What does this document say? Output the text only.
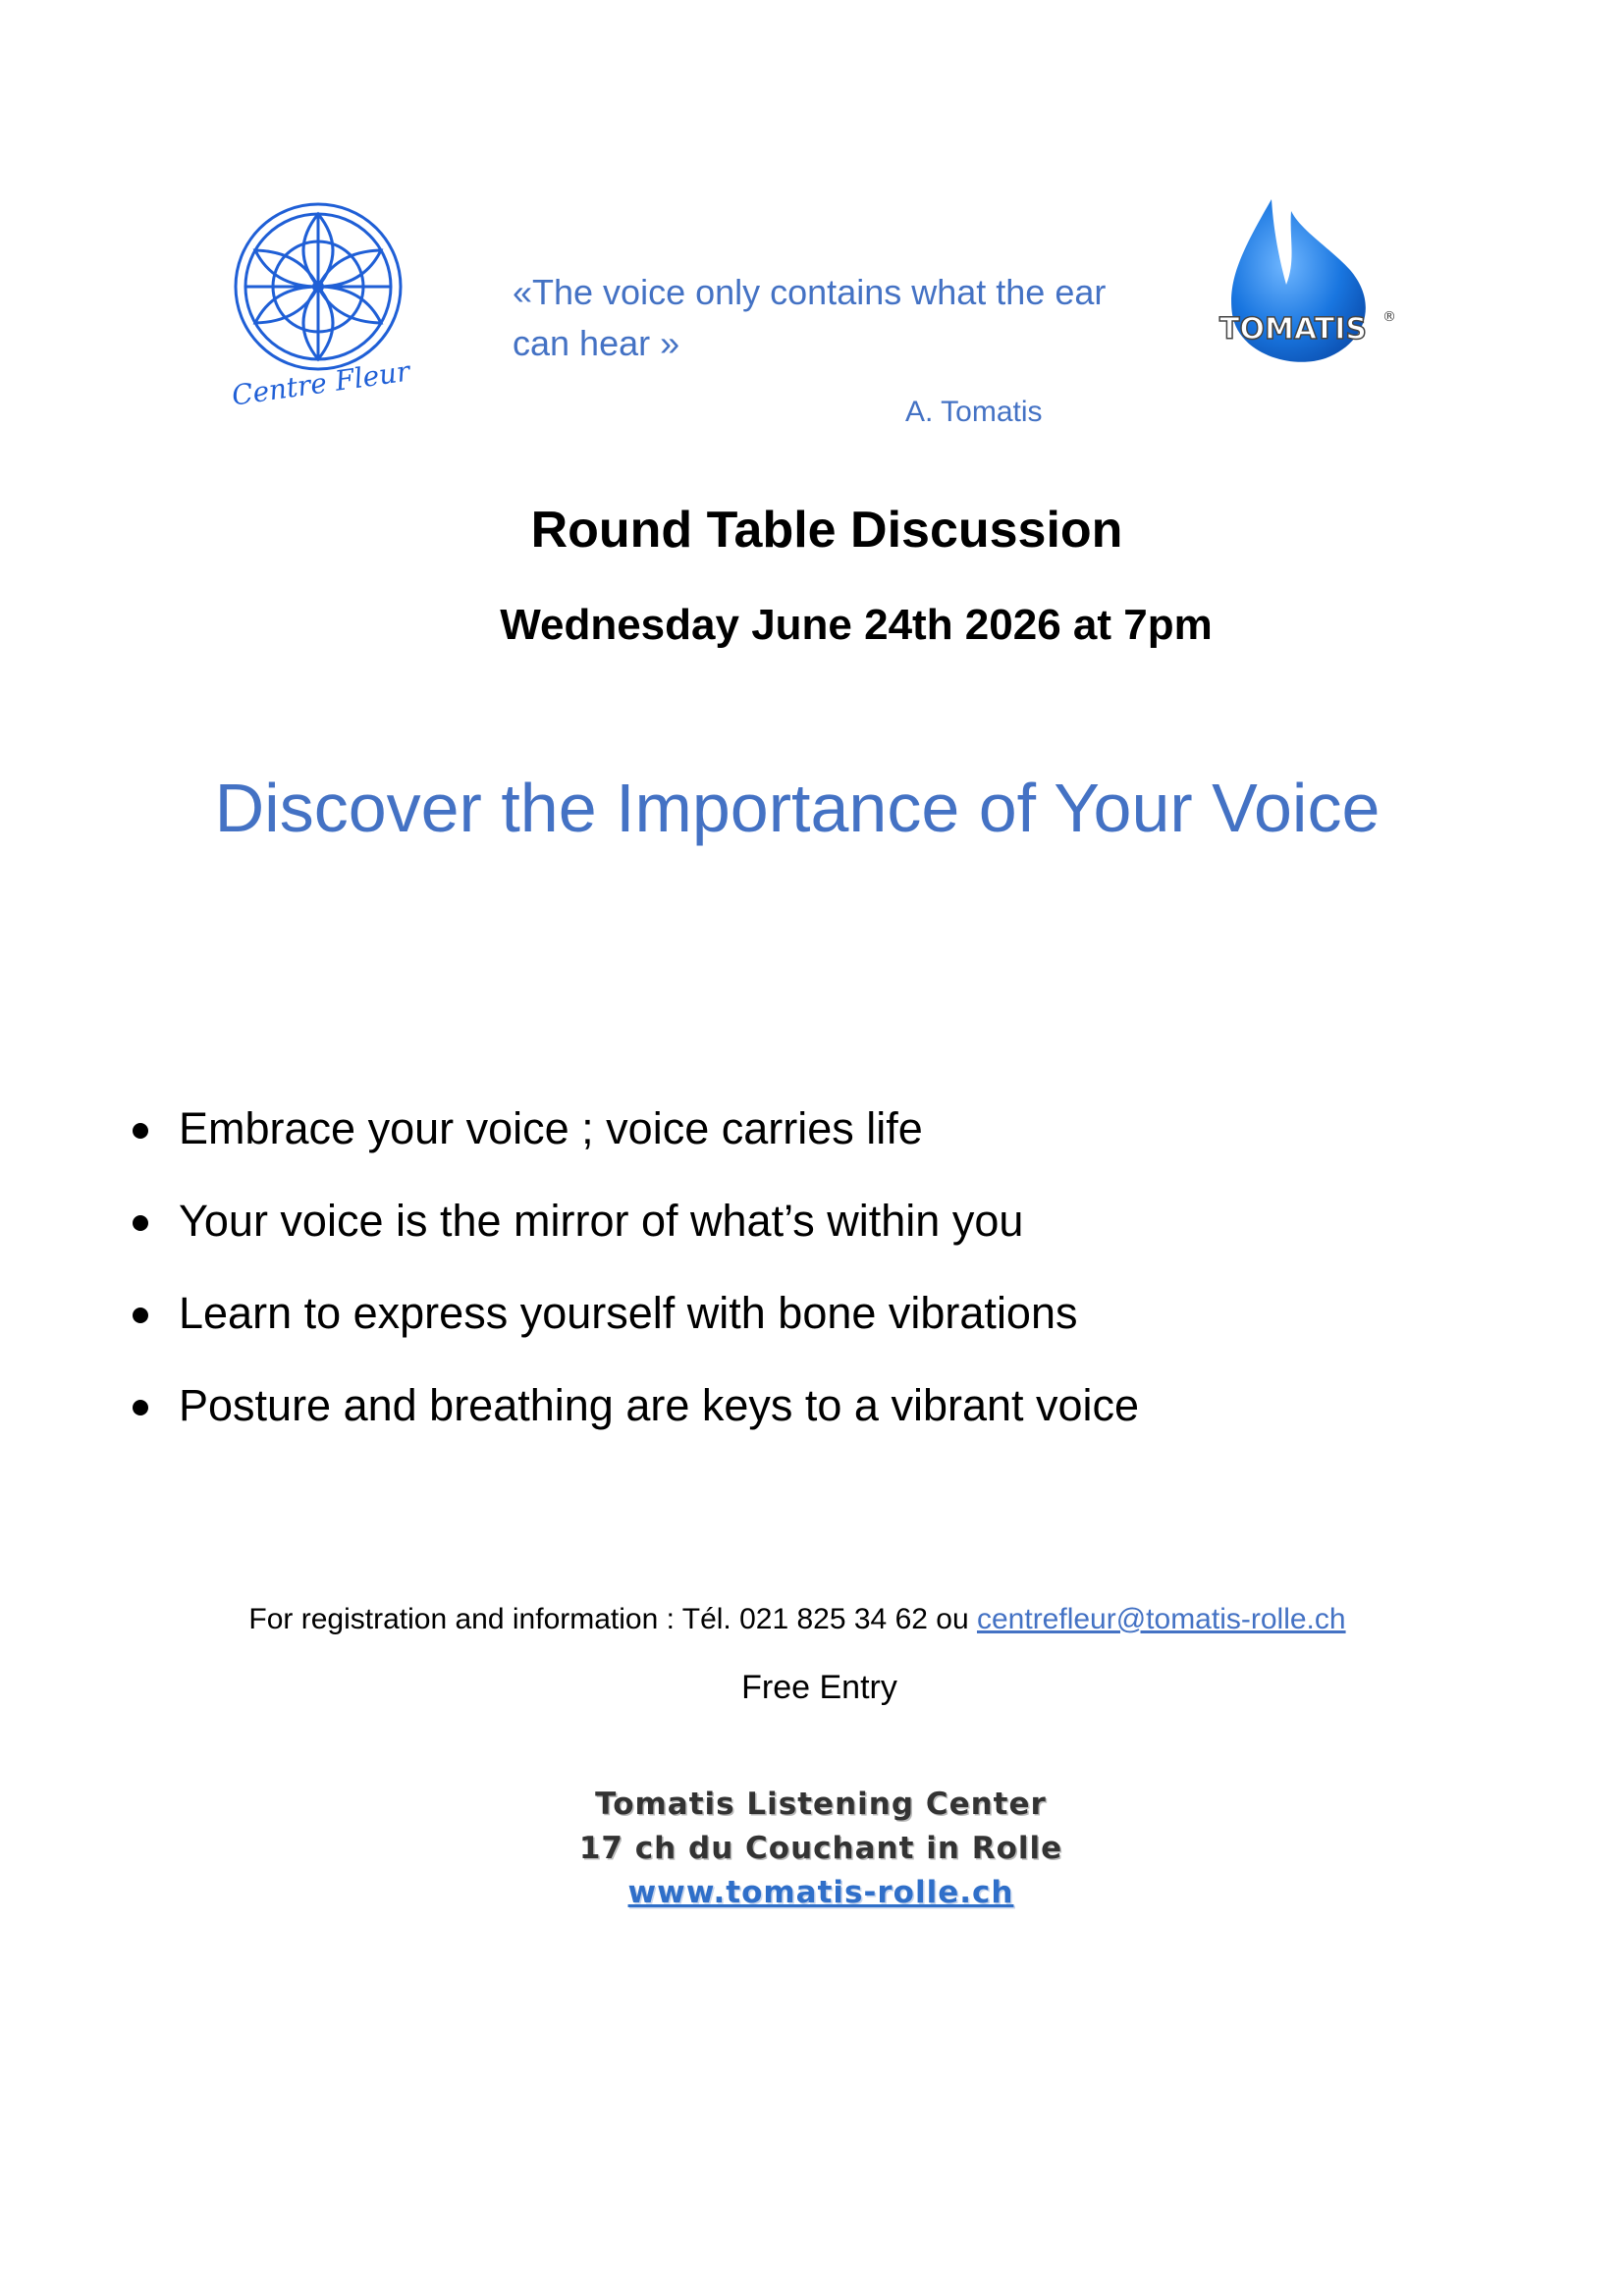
Centre Fleur
«The voice only contains what the ear can hear »
A. Tomatis
TOMATIS ®
Round Table Discussion
Wednesday June 24th 2026 at 7pm
Discover the Importance of Your Voice
Embrace your voice ; voice carries life
Your voice is the mirror of what’s within you
Learn to express yourself with bone vibrations
Posture and breathing are keys to a vibrant voice
For registration and information : Tél. 021 825 34 62 ou centrefleur@tomatis-rolle.ch
Free Entry
Tomatis Listening Center
17 ch du Couchant in Rolle
www.tomatis-rolle.ch
